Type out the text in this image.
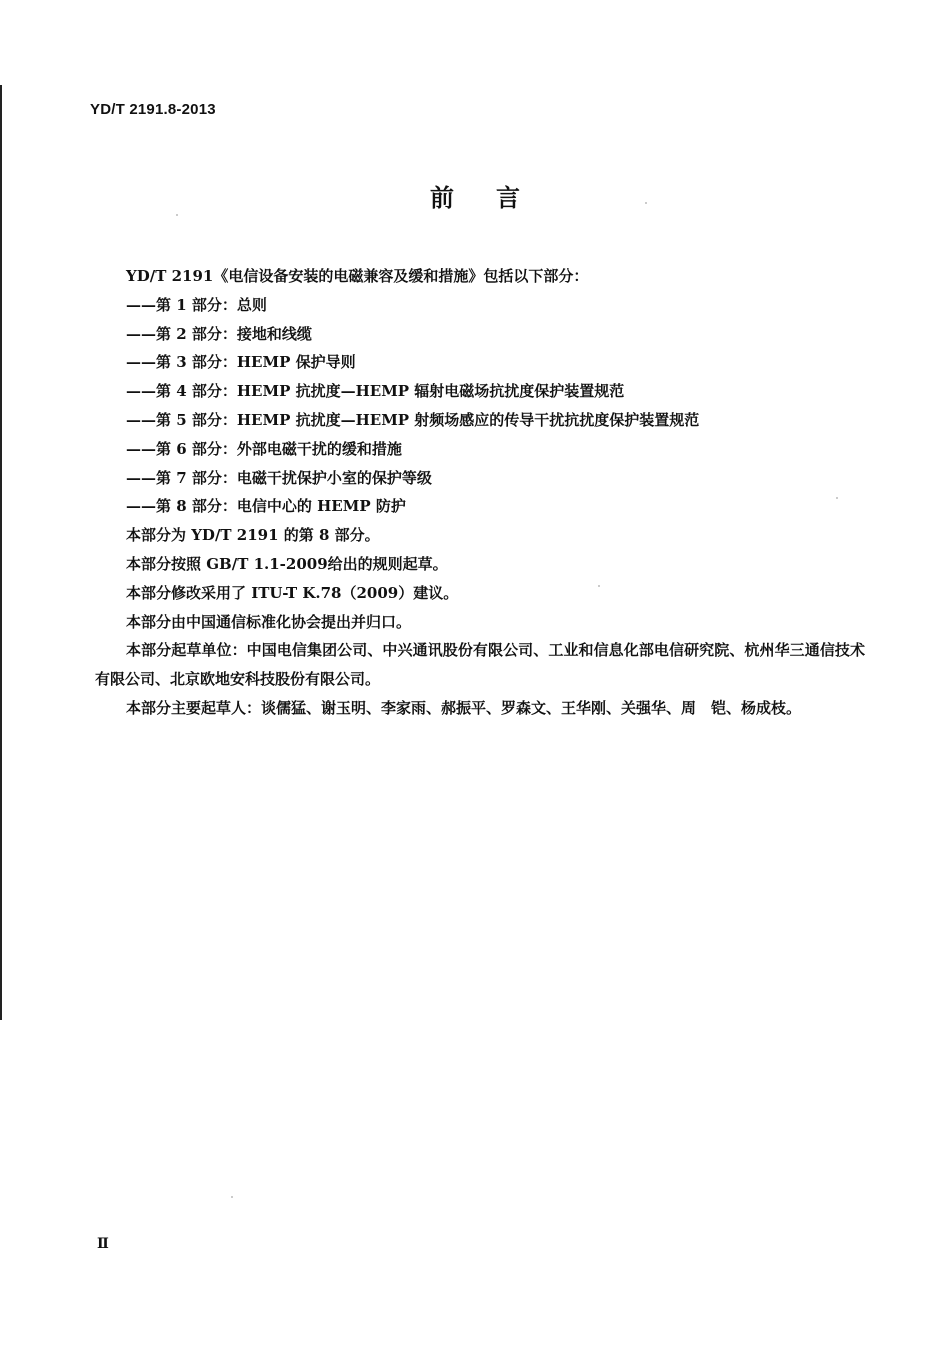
YD/T 2191.8-2013
前言
YD/T 2191《电信设备安装的电磁兼容及缓和措施》包括以下部分：
——第 1 部分：总则
——第 2 部分：接地和线缆
——第 3 部分：HEMP 保护导则
——第 4 部分：HEMP 抗扰度—HEMP 辐射电磁场抗扰度保护装置规范
——第 5 部分：HEMP 抗扰度—HEMP 射频场感应的传导干扰抗扰度保护装置规范
——第 6 部分：外部电磁干扰的缓和措施
——第 7 部分：电磁干扰保护小室的保护等级
——第 8 部分：电信中心的 HEMP 防护
本部分为 YD/T 2191 的第 8 部分。
本部分按照 GB/T 1.1-2009给出的规则起草。
本部分修改采用了 ITU-T K.78（2009）建议。
本部分由中国通信标准化协会提出并归口。
本部分起草单位：中国电信集团公司、中兴通讯股份有限公司、工业和信息化部电信研究院、杭州华三通信技术有限公司、北京欧地安科技股份有限公司。
本部分主要起草人：谈儒猛、谢玉明、李家雨、郝振平、罗森文、王华刚、关强华、周　铠、杨成枝。
Ⅱ
